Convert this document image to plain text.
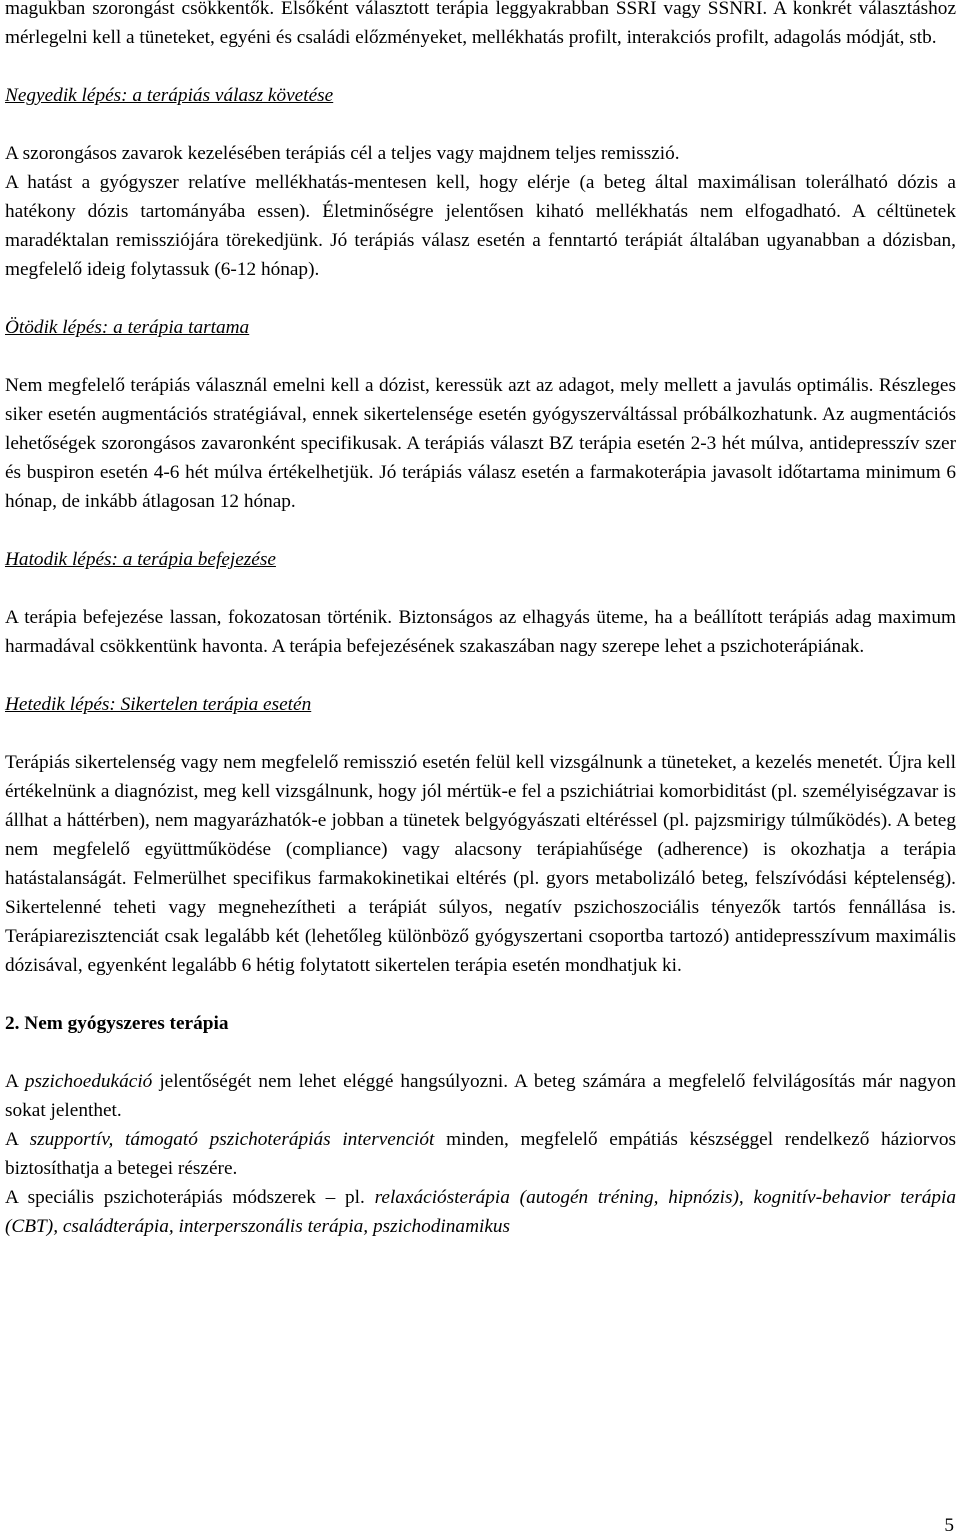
magukban szorongást csökkentők. Elsőként választott terápia leggyakrabban SSRI vagy SSNRI. A konkrét választáshoz mérlegelni kell a tüneteket, egyéni és családi előzményeket, mellékhatás profilt, interakciós profilt, adagolás módját, stb.

Negyedik lépés: a terápiás válasz követése

A szorongásos zavarok kezelésében terápiás cél a teljes vagy majdnem teljes remisszió.

A hatást a gyógyszer relatíve mellékhatás-mentesen kell, hogy elérje (a beteg által maximálisan tolerálható dózis a hatékony dózis tartományába essen). Életminőségre jelentősen kiható mellékhatás nem elfogadható. A céltünetek maradéktalan remissziójára törekedjünk. Jó terápiás válasz esetén a fenntartó terápiát általában ugyanabban a dózisban, megfelelő ideig folytassuk (6-12 hónap).

Ötödik lépés: a terápia tartama

Nem megfelelő terápiás válasznál emelni kell a dózist, keressük azt az adagot, mely mellett a javulás optimális. Részleges siker esetén augmentációs stratégiával, ennek sikertelensége esetén gyógyszerváltással próbálkozhatunk. Az augmentációs lehetőségek szorongásos zavaronként specifikusak. A terápiás választ BZ terápia esetén 2-3 hét múlva, antidepresszív szer és buspiron esetén 4-6 hét múlva értékelhetjük. Jó terápiás válasz esetén a farmakoterápia javasolt időtartama minimum 6 hónap, de inkább átlagosan 12 hónap.

Hatodik lépés: a terápia befejezése

A terápia befejezése lassan, fokozatosan történik. Biztonságos az elhagyás üteme, ha a beállított terápiás adag maximum harmadával csökkentünk havonta. A terápia befejezésének szakaszában nagy szerepe lehet a pszichoterápiának.

Hetedik lépés: Sikertelen terápia esetén

Terápiás sikertelenség vagy nem megfelelő remisszió esetén felül kell vizsgálnunk a tüneteket, a kezelés menetét. Újra kell értékelnünk a diagnózist, meg kell vizsgálnunk, hogy jól mértük-e fel a pszichiátriai komorbiditást (pl. személyiségzavar is állhat a háttérben), nem magyarázhatók-e jobban a tünetek belgyógyászati eltéréssel (pl. pajzsmirigy túlműködés). A beteg nem megfelelő együttműködése (compliance) vagy alacsony terápiahűsége (adherence) is okozhatja a terápia hatástalanságát. Felmerülhet specifikus farmakokinetikai eltérés (pl. gyors metabolizáló beteg, felszívódási képtelenség). Sikertelenné teheti vagy megnehezítheti a terápiát súlyos, negatív pszichoszociális tényezők tartós fennállása is. Terápiarezisztenciát csak legalább két (lehetőleg különböző gyógyszertani csoportba tartozó) antidepresszívum maximális dózisával, egyenként legalább 6 hétig folytatott sikertelen terápia esetén mondhatjuk ki.

2. Nem gyógyszeres terápia

A pszichoedukáció jelentőségét nem lehet eléggé hangsúlyozni. A beteg számára a megfelelő felvilágosítás már nagyon sokat jelenthet.

A szupportív, támogató pszichoterápiás intervenciót minden, megfelelő empátiás készséggel rendelkező háziorvos biztosíthatja a betegei részére.

A speciális pszichoterápiás módszerek – pl. relaxációsterápia (autogén tréning, hipnózis), kognitív-behavior terápia (CBT), családterápia, interperszonális terápia, pszichodinamikus

5
